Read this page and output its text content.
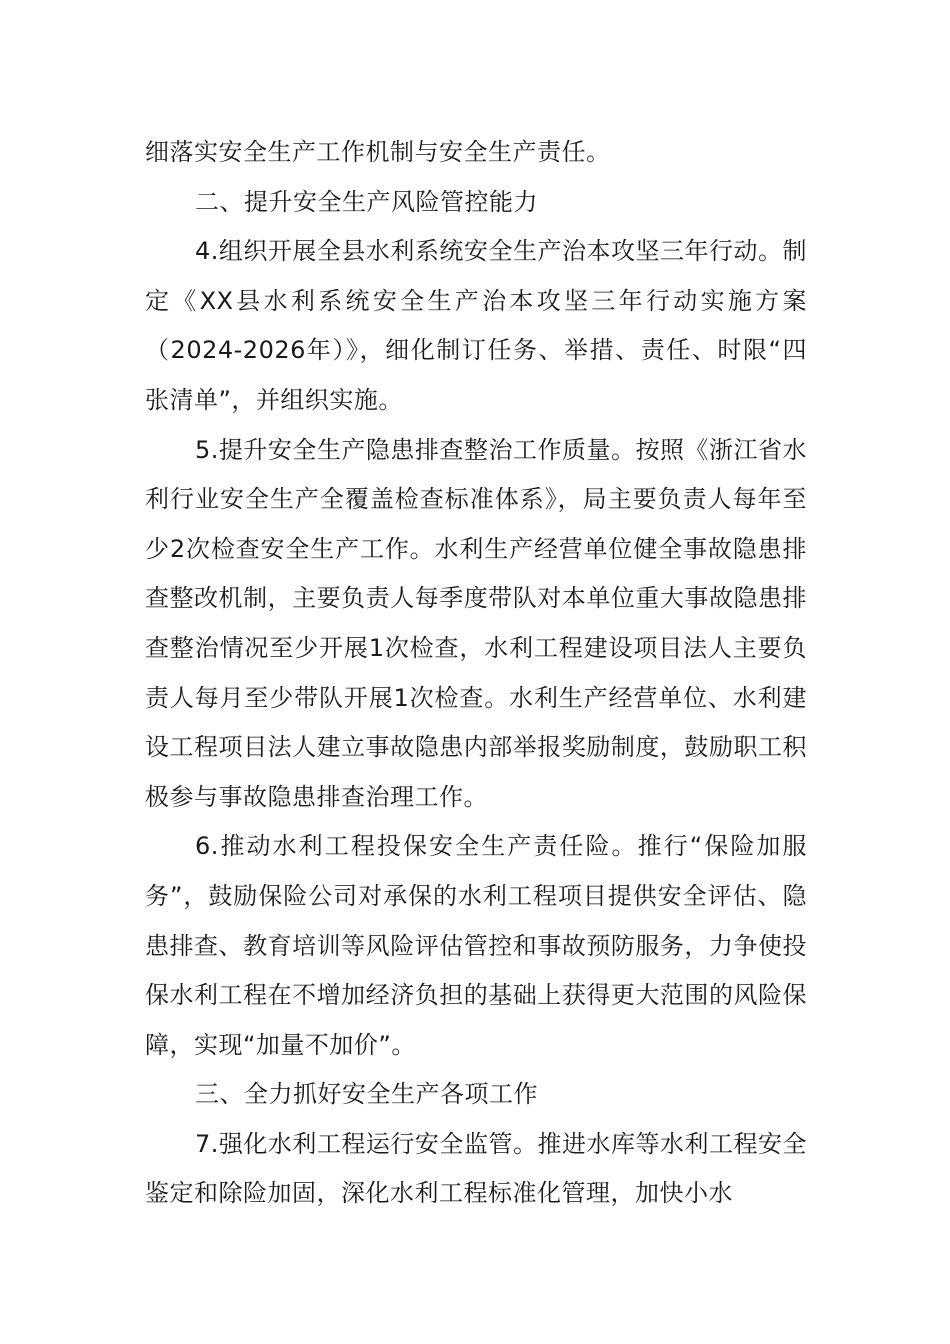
细落实安全生产工作机制与安全生产责任。

二、提升安全生产风险管控能力

4.组织开展全县水利系统安全生产治本攻坚三年行动。制定《XX县水利系统安全生产治本攻坚三年行动实施方案（2024-2026年）》，细化制订任务、举措、责任、时限“四张清单”，并组织实施。

5.提升安全生产隐患排查整治工作质量。按照《浙江省水利行业安全生产全覆盖检查标准体系》，局主要负责人每年至少2次检查安全生产工作。水利生产经营单位健全事故隐患排查整改机制，主要负责人每季度带队对本单位重大事故隐患排查整治情况至少开展1次检查，水利工程建设项目法人主要负责人每月至少带队开展1次检查。水利生产经营单位、水利建设工程项目法人建立事故隐患内部举报奖励制度，鼓励职工积极参与事故隐患排查治理工作。

6.推动水利工程投保安全生产责任险。推行“保险加服务”，鼓励保险公司对承保的水利工程项目提供安全评估、隐患排查、教育培训等风险评估管控和事故预防服务，力争使投保水利工程在不增加经济负担的基础上获得更大范围的风险保障，实现“加量不加价”。

三、全力抓好安全生产各项工作

7.强化水利工程运行安全监管。推进水库等水利工程安全鉴定和除险加固，深化水利工程标准化管理，加快小水
